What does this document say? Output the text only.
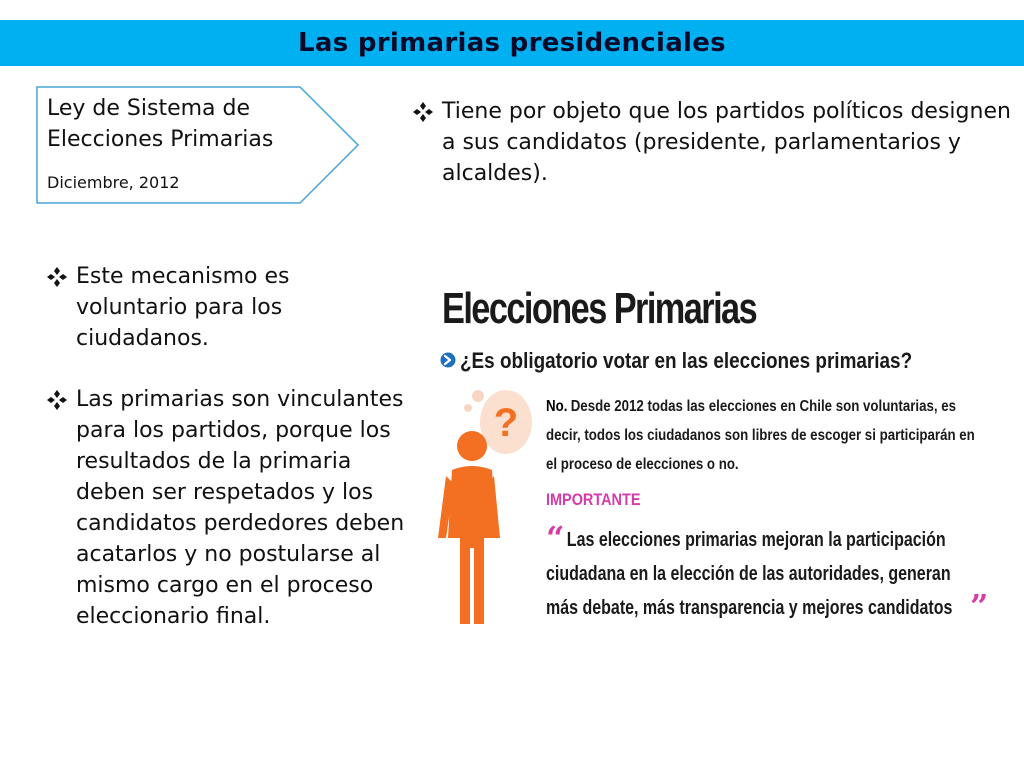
Las primarias presidenciales
Ley de Sistema de Elecciones Primarias
Diciembre, 2012
Tiene por objeto que los partidos políticos designen a sus candidatos (presidente, parlamentarios y alcaldes).
Este mecanismo es voluntario para los ciudadanos.
Las primarias son vinculantes para los partidos, porque los resultados de la primaria deben ser respetados y los candidatos perdedores deben acatarlos y no postularse al mismo cargo en el proceso eleccionario final.
Elecciones Primarias
¿Es obligatorio votar en las elecciones primarias?
? No. Desde 2012 todas las elecciones en Chile son voluntarias, es decir, todos los ciudadanos son libres de escoger si participarán en el proceso de elecciones o no.
IMPORTANTE
“ Las elecciones primarias mejoran la participación ciudadana en la elección de las autoridades, generan más debate, más transparencia y mejores candidatos ”
